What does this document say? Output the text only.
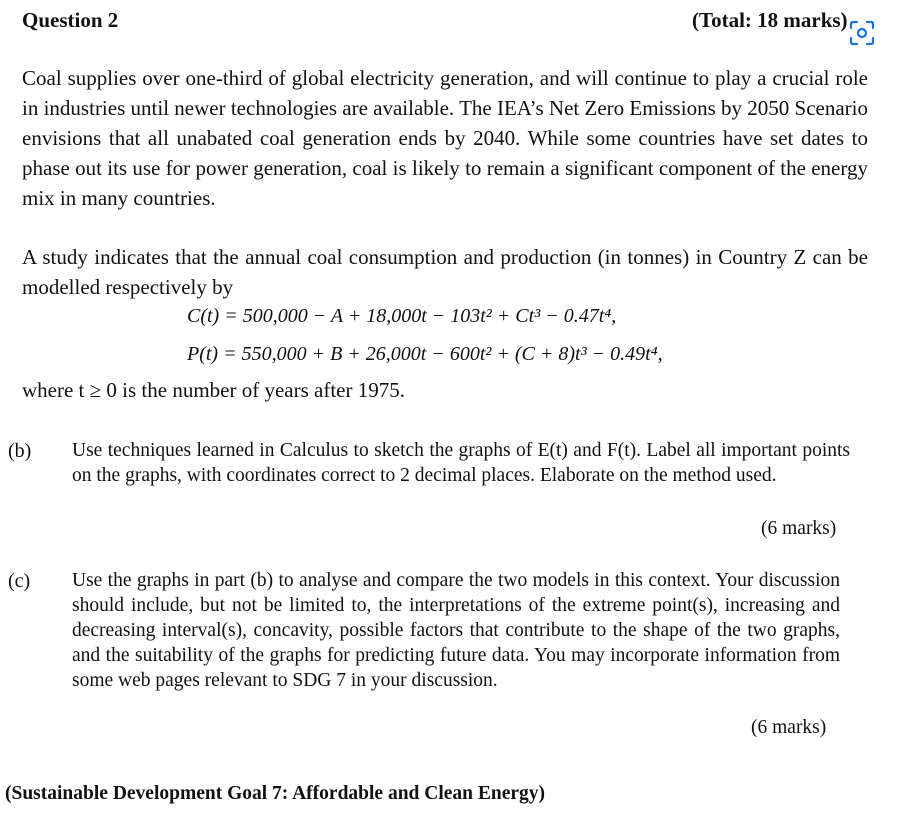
Question 2	(Total: 18 marks)
Coal supplies over one-third of global electricity generation, and will continue to play a crucial role in industries until newer technologies are available. The IEA’s Net Zero Emissions by 2050 Scenario envisions that all unabated coal generation ends by 2040. While some countries have set dates to phase out its use for power generation, coal is likely to remain a significant component of the energy mix in many countries.
A study indicates that the annual coal consumption and production (in tonnes) in Country Z can be modelled respectively by
C(t) = 500,000 − A + 18,000t − 103t² + Ct³ − 0.47t⁴,
P(t) = 550,000 + B + 26,000t − 600t² + (C + 8)t³ − 0.49t⁴,
where t ≥ 0 is the number of years after 1975.
(b) Use techniques learned in Calculus to sketch the graphs of E(t) and F(t). Label all important points on the graphs, with coordinates correct to 2 decimal places. Elaborate on the method used.
(6 marks)
(c) Use the graphs in part (b) to analyse and compare the two models in this context. Your discussion should include, but not be limited to, the interpretations of the extreme point(s), increasing and decreasing interval(s), concavity, possible factors that contribute to the shape of the two graphs, and the suitability of the graphs for predicting future data. You may incorporate information from some web pages relevant to SDG 7 in your discussion.
(6 marks)
(Sustainable Development Goal 7: Affordable and Clean Energy)
